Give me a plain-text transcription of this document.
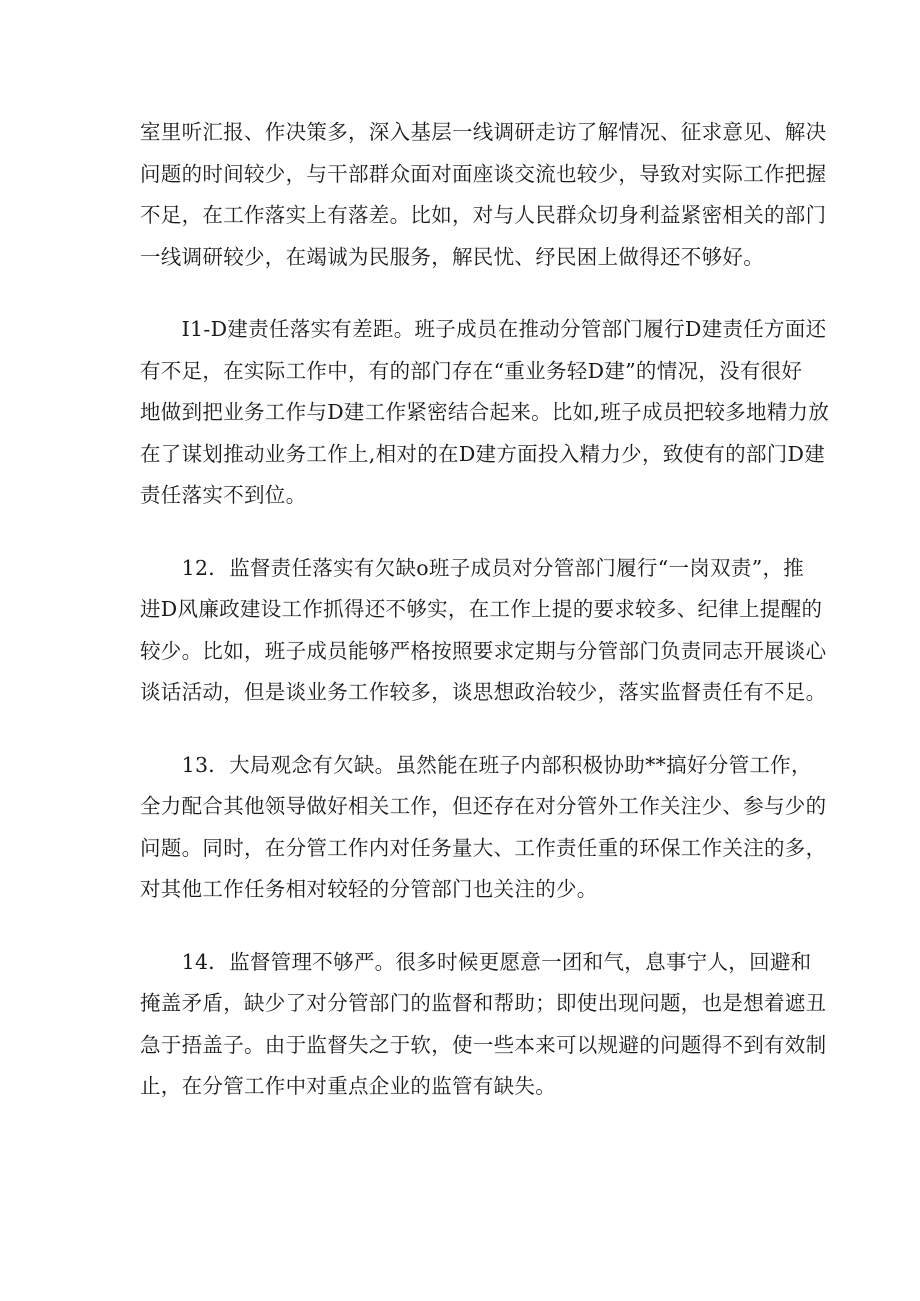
室里听汇报、作决策多，深入基层一线调研走访了解情况、征求意见、解决
问题的时间较少，与干部群众面对面座谈交流也较少，导致对实际工作把握
不足，在工作落实上有落差。比如，对与人民群众切身利益紧密相关的部门
一线调研较少，在竭诚为民服务，解民忧、纾民困上做得还不够好。

　　I1-D建责任落实有差距。班子成员在推动分管部门履行D建责任方面还
有不足，在实际工作中，有的部门存在“重业务轻D建”的情况，没有很好
地做到把业务工作与D建工作紧密结合起来。比如,班子成员把较多地精力放
在了谋划推动业务工作上,相对的在D建方面投入精力少，致使有的部门D建
责任落实不到位。

　　12．监督责任落实有欠缺o班子成员对分管部门履行“一岗双责”，推
进D风廉政建设工作抓得还不够实，在工作上提的要求较多、纪律上提醒的
较少。比如，班子成员能够严格按照要求定期与分管部门负责同志开展谈心
谈话活动，但是谈业务工作较多，谈思想政治较少，落实监督责任有不足。

　　13．大局观念有欠缺。虽然能在班子内部积极协助**搞好分管工作，
全力配合其他领导做好相关工作，但还存在对分管外工作关注少、参与少的
问题。同时，在分管工作内对任务量大、工作责任重的环保工作关注的多，
对其他工作任务相对较轻的分管部门也关注的少。

　　14．监督管理不够严。很多时候更愿意一团和气，息事宁人，回避和
掩盖矛盾，缺少了对分管部门的监督和帮助；即使出现问题，也是想着遮丑
急于捂盖子。由于监督失之于软，使一些本来可以规避的问题得不到有效制
止，在分管工作中对重点企业的监管有缺失。
